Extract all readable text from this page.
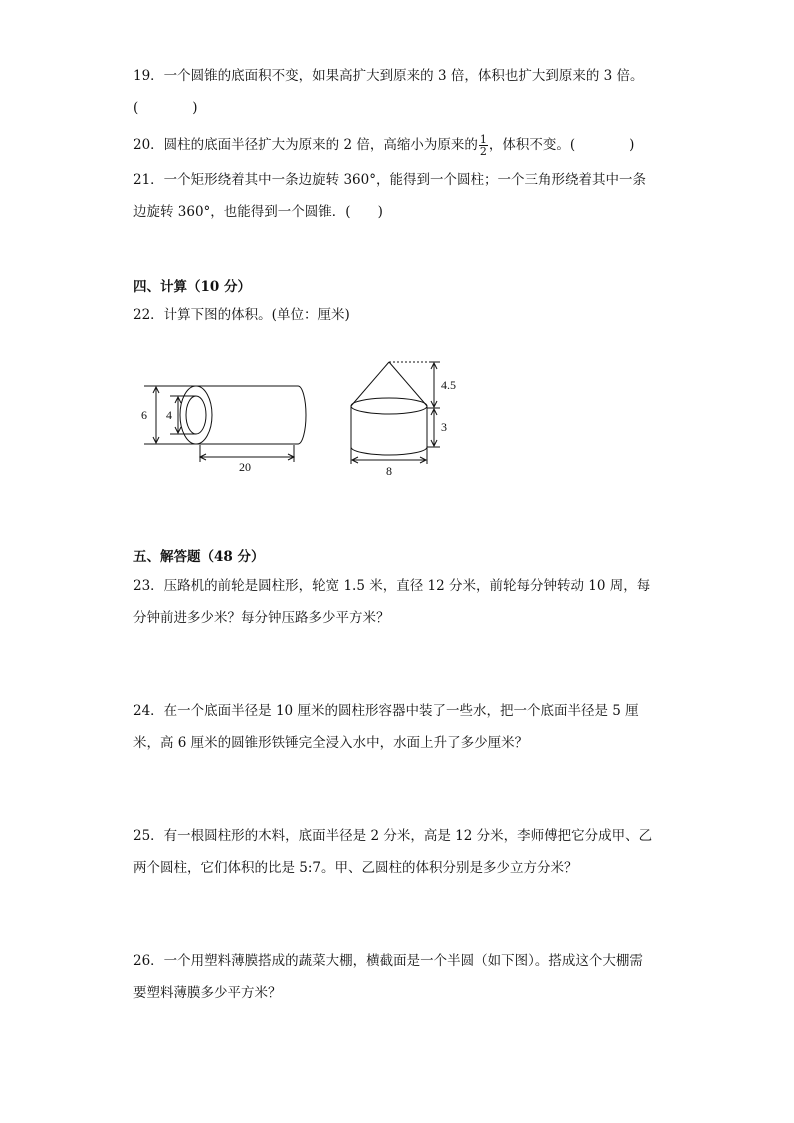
19．一个圆锥的底面积不变，如果高扩大到原来的 3 倍，体积也扩大到原来的 3 倍。
(　　　　)
20．圆柱的底面半径扩大为原来的 2 倍，高缩小为原来的 $\frac{1}{2}$ ，体积不变。(　　　　)
21．一个矩形绕着其中一条边旋转 360°，能得到一个圆柱；一个三角形绕着其中一条
边旋转 360°，也能得到一个圆锥．(　　)
四、计算（10 分）
22．计算下图的体积。(单位：厘米)
6 4
20
4.5
3
8
五、解答题（48 分）
23．压路机的前轮是圆柱形，轮宽 1.5 米，直径 12 分米，前轮每分钟转动 10 周，每
分钟前进多少米？每分钟压路多少平方米？
24．在一个底面半径是 10 厘米的圆柱形容器中装了一些水，把一个底面半径是 5 厘
米，高 6 厘米的圆锥形铁锤完全浸入水中，水面上升了多少厘米？
25．有一根圆柱形的木料，底面半径是 2 分米，高是 12 分米，李师傅把它分成甲、乙
两个圆柱，它们体积的比是 5:7。甲、乙圆柱的体积分别是多少立方分米？
26．一个用塑料薄膜搭成的蔬菜大棚，横截面是一个半圆（如下图）。搭成这个大棚需
要塑料薄膜多少平方米？
